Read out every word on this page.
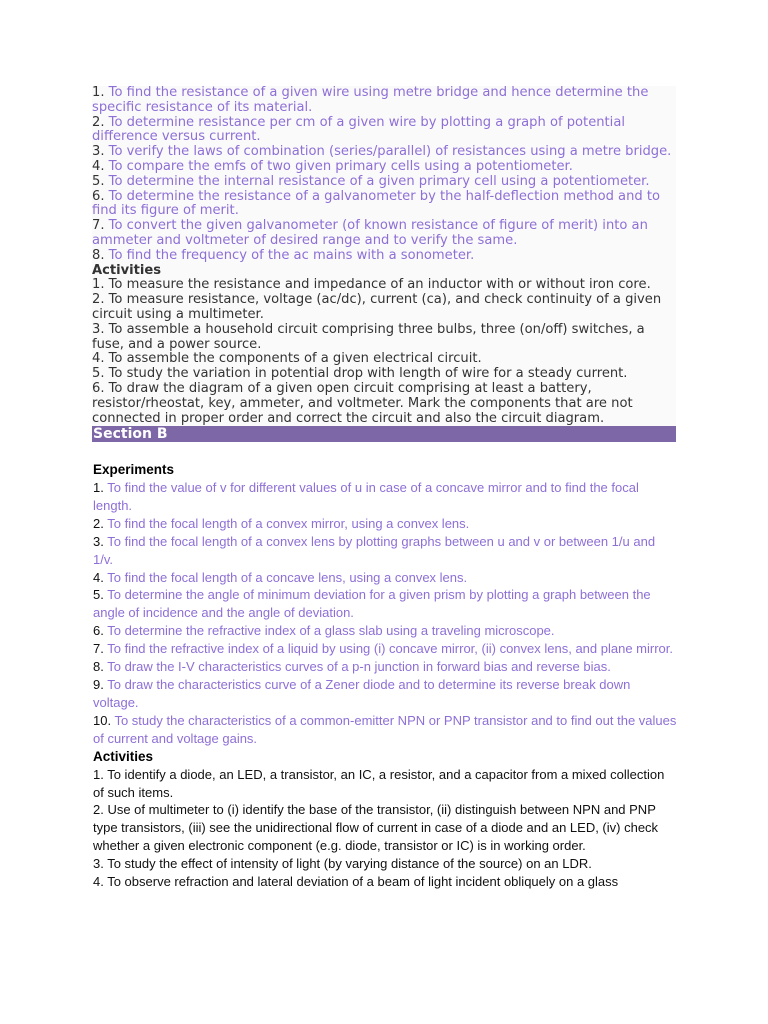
1. To find the resistance of a given wire using metre bridge and hence determine the specific resistance of its material.

2. To determine resistance per cm of a given wire by plotting a graph of potential difference versus current.

3. To verify the laws of combination (series/parallel) of resistances using a metre bridge.

4. To compare the emfs of two given primary cells using a potentiometer.

5. To determine the internal resistance of a given primary cell using a potentiometer.

6. To determine the resistance of a galvanometer by the half-deflection method and to find its figure of merit.

7. To convert the given galvanometer (of known resistance of figure of merit) into an ammeter and voltmeter of desired range and to verify the same.

8. To find the frequency of the ac mains with a sonometer.

Activities

1. To measure the resistance and impedance of an inductor with or without iron core.

2. To measure resistance, voltage (ac/dc), current (ca), and check continuity of a given circuit using a multimeter.

3. To assemble a household circuit comprising three bulbs, three (on/off) switches, a fuse, and a power source.

4. To assemble the components of a given electrical circuit.

5. To study the variation in potential drop with length of wire for a steady current.

6. To draw the diagram of a given open circuit comprising at least a battery, resistor/rheostat, key, ammeter, and voltmeter. Mark the components that are not connected in proper order and correct the circuit and also the circuit diagram.

Section B

Experiments

1. To find the value of v for different values of u in case of a concave mirror and to find the focal length.

2. To find the focal length of a convex mirror, using a convex lens.

3. To find the focal length of a convex lens by plotting graphs between u and v or between 1/u and 1/v.

4. To find the focal length of a concave lens, using a convex lens.

5. To determine the angle of minimum deviation for a given prism by plotting a graph between the angle of incidence and the angle of deviation.

6. To determine the refractive index of a glass slab using a traveling microscope.

7. To find the refractive index of a liquid by using (i) concave mirror, (ii) convex lens, and plane mirror.

8. To draw the I-V characteristics curves of a p-n junction in forward bias and reverse bias.

9. To draw the characteristics curve of a Zener diode and to determine its reverse break down voltage.

10. To study the characteristics of a common-emitter NPN or PNP transistor and to find out the values of current and voltage gains.

Activities

1. To identify a diode, an LED, a transistor, an IC, a resistor, and a capacitor from a mixed collection of such items.

2. Use of multimeter to (i) identify the base of the transistor, (ii) distinguish between NPN and PNP type transistors, (iii) see the unidirectional flow of current in case of a diode and an LED, (iv) check whether a given electronic component (e.g. diode, transistor or IC) is in working order.

3. To study the effect of intensity of light (by varying distance of the source) on an LDR.

4. To observe refraction and lateral deviation of a beam of light incident obliquely on a glass
